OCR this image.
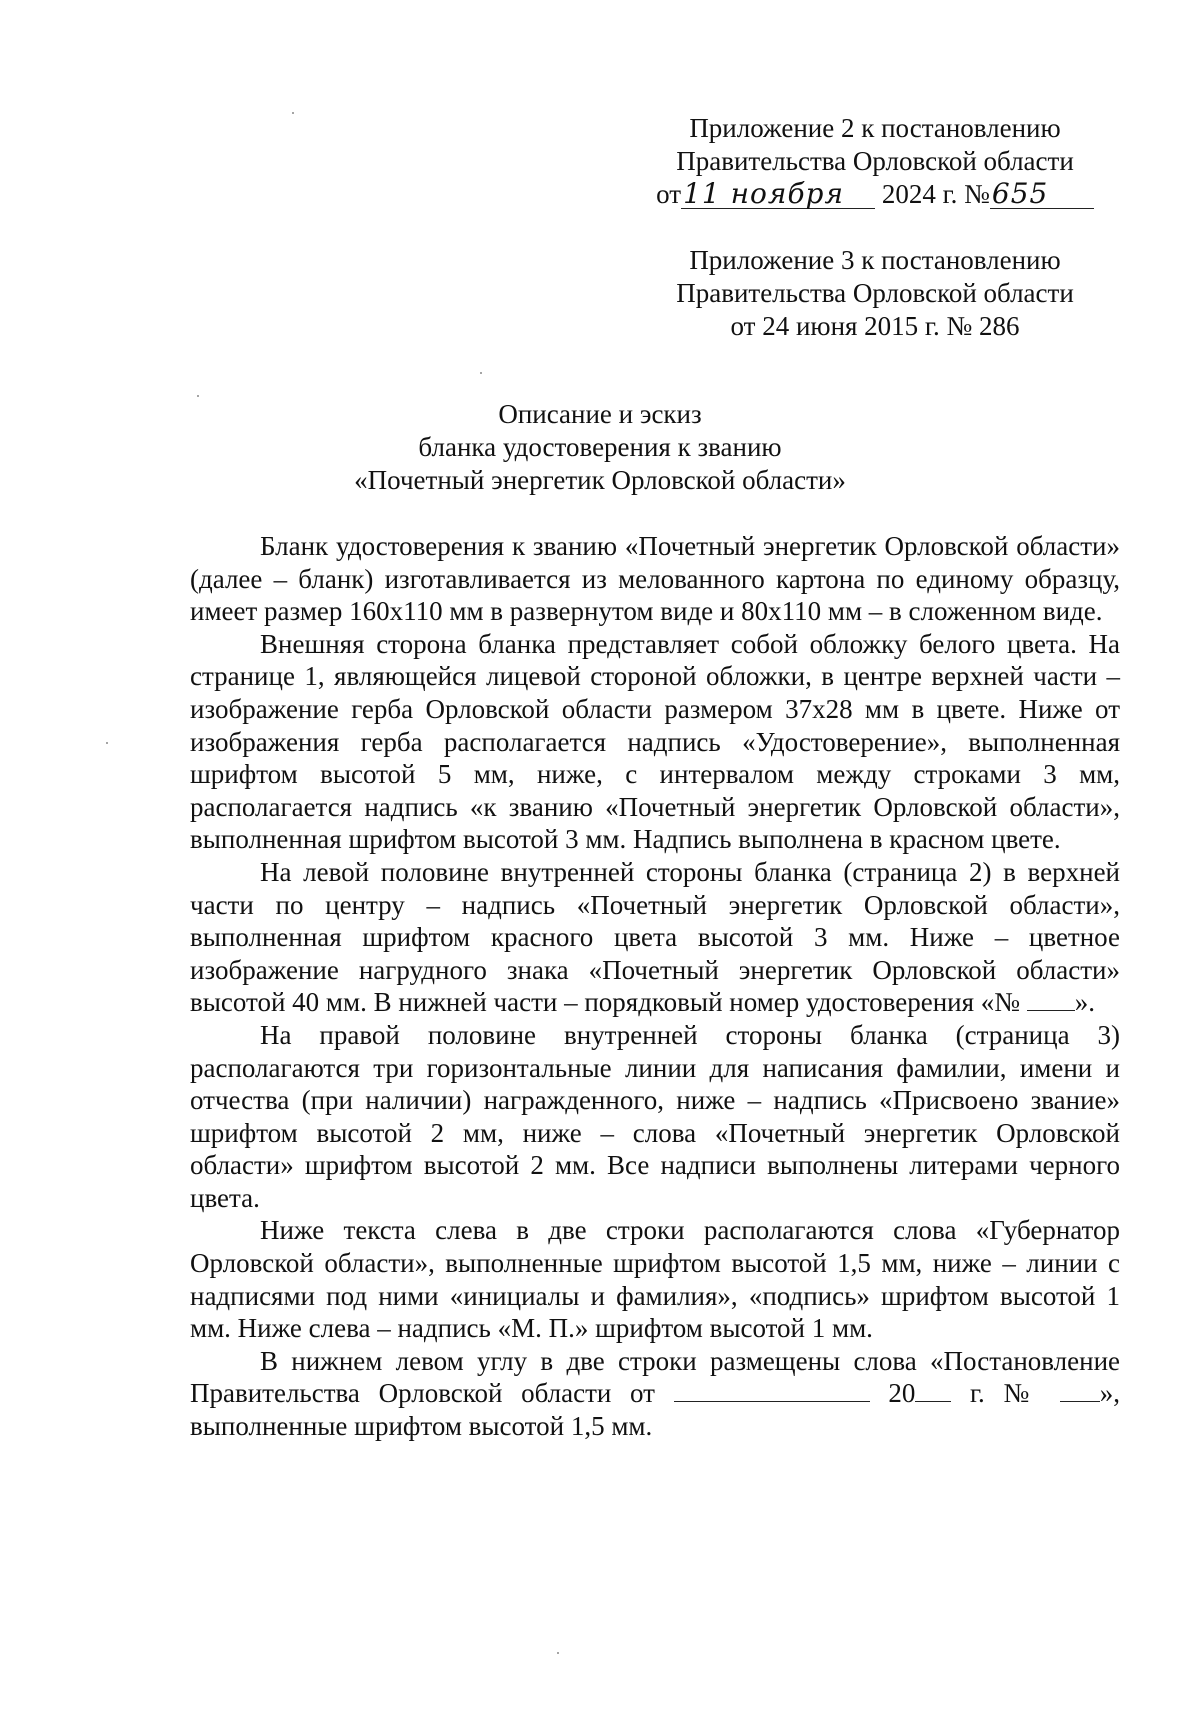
Приложение 2 к постановлению
Правительства Орловской области
от11 ноября 2024 г. №655
Приложение 3 к постановлению
Правительства Орловской области
от 24 июня 2015 г. № 286
Описание и эскиз
бланка удостоверения к званию
«Почетный энергетик Орловской области»

Бланк удостоверения к званию «Почетный энергетик Орловской области» (далее – бланк) изготавливается из мелованного картона по единому образцу, имеет размер 160х110 мм в развернутом виде и 80х110 мм – в сложенном виде.

Внешняя сторона бланка представляет собой обложку белого цвета. На странице 1, являющейся лицевой стороной обложки, в центре верхней части – изображение герба Орловской области размером 37х28 мм в цвете. Ниже от изображения герба располагается надпись «Удостоверение», выполненная шрифтом высотой 5 мм, ниже, с интервалом между строками 3 мм, располагается надпись «к званию «Почетный энергетик Орловской области», выполненная шрифтом высотой 3 мм. Надпись выполнена в красном цвете.

На левой половине внутренней стороны бланка (страница 2) в верхней части по центру – надпись «Почетный энергетик Орловской области», выполненная шрифтом красного цвета высотой 3 мм. Ниже – цветное изображение нагрудного знака «Почетный энергетик Орловской области» высотой 40 мм. В нижней части – порядковый номер удостоверения «№ ».

На правой половине внутренней стороны бланка (страница 3) располагаются три горизонтальные линии для написания фамилии, имени и отчества (при наличии) награжденного, ниже – надпись «Присвоено звание» шрифтом высотой 2 мм, ниже – слова «Почетный энергетик Орловской области» шрифтом высотой 2 мм. Все надписи выполнены литерами черного цвета.

Ниже текста слева в две строки располагаются слова «Губернатор Орловской области», выполненные шрифтом высотой 1,5 мм, ниже – линии с надписями под ними «инициалы и фамилия», «подпись» шрифтом высотой 1 мм. Ниже слева – надпись «М. П.» шрифтом высотой 1 мм.

В нижнем левом углу в две строки размещены слова «Постановление Правительства Орловской области от	20 г. № », выполненные шрифтом высотой 1,5 мм.
